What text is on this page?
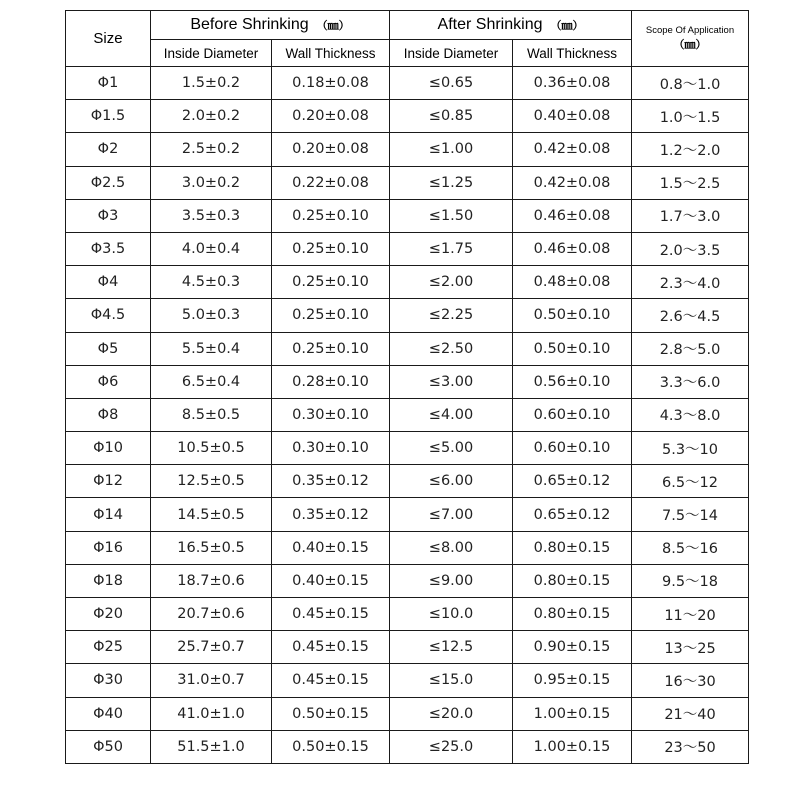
Size	Before Shrinking （㎜）		After Shrinking （㎜）		Scope Of Application
（㎜）

	Inside Diameter	Wall Thickness	Inside Diameter	Wall Thickness	
Φ1	1.5±0.2	0.18±0.08	≤0.65	0.36±0.08	0.8～1.0
Φ1.5	2.0±0.2	0.20±0.08	≤0.85	0.40±0.08	1.0～1.5
Φ2	2.5±0.2	0.20±0.08	≤1.00	0.42±0.08	1.2～2.0
Φ2.5	3.0±0.2	0.22±0.08	≤1.25	0.42±0.08	1.5～2.5
Φ3	3.5±0.3	0.25±0.10	≤1.50	0.46±0.08	1.7～3.0
Φ3.5	4.0±0.4	0.25±0.10	≤1.75	0.46±0.08	2.0～3.5
Φ4	4.5±0.3	0.25±0.10	≤2.00	0.48±0.08	2.3～4.0
Φ4.5	5.0±0.3	0.25±0.10	≤2.25	0.50±0.10	2.6～4.5
Φ5	5.5±0.4	0.25±0.10	≤2.50	0.50±0.10	2.8～5.0
Φ6	6.5±0.4	0.28±0.10	≤3.00	0.56±0.10	3.3～6.0
Φ8	8.5±0.5	0.30±0.10	≤4.00	0.60±0.10	4.3～8.0
Φ10	10.5±0.5	0.30±0.10	≤5.00	0.60±0.10	5.3～10
Φ12	12.5±0.5	0.35±0.12	≤6.00	0.65±0.12	6.5～12
Φ14	14.5±0.5	0.35±0.12	≤7.00	0.65±0.12	7.5～14
Φ16	16.5±0.5	0.40±0.15	≤8.00	0.80±0.15	8.5～16
Φ18	18.7±0.6	0.40±0.15	≤9.00	0.80±0.15	9.5～18
Φ20	20.7±0.6	0.45±0.15	≤10.0	0.80±0.15	11～20
Φ25	25.7±0.7	0.45±0.15	≤12.5	0.90±0.15	13～25
Φ30	31.0±0.7	0.45±0.15	≤15.0	0.95±0.15	16～30
Φ40	41.0±1.0	0.50±0.15	≤20.0	1.00±0.15	21～40
Φ50	51.5±1.0	0.50±0.15	≤25.0	1.00±0.15	23～50
